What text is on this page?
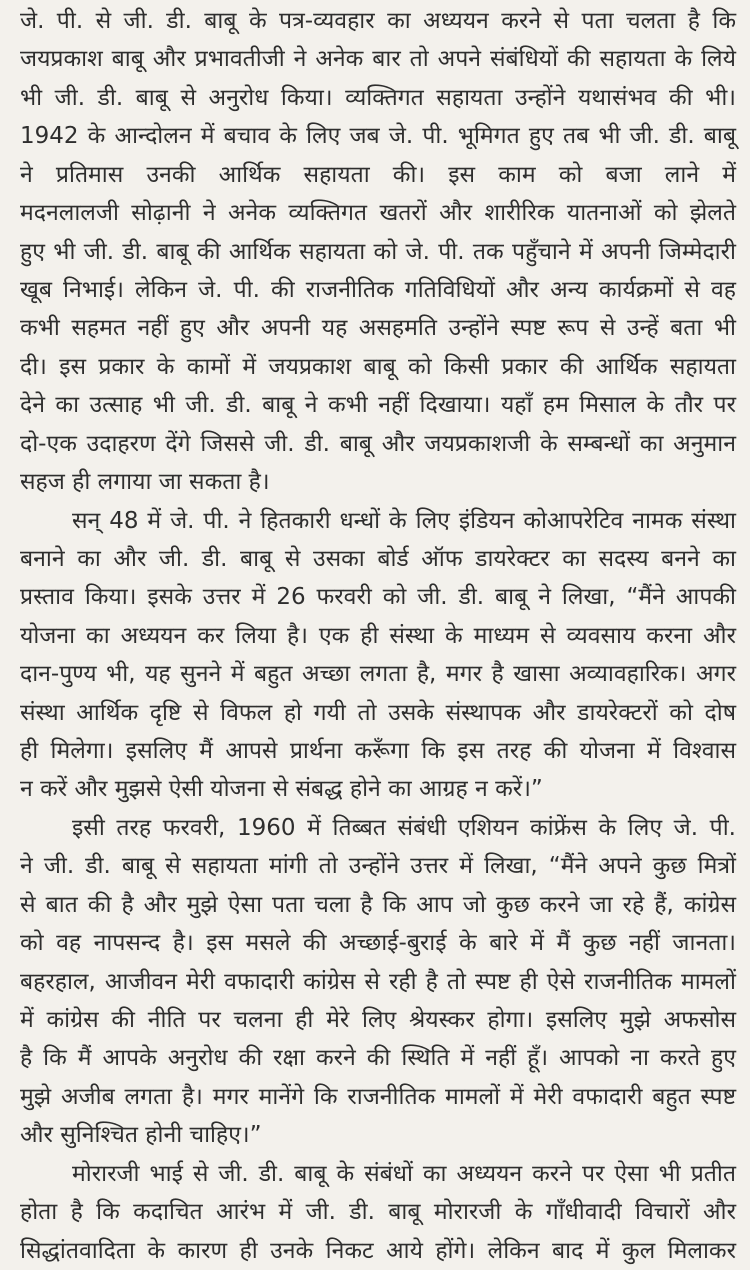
जे. पी. से जी. डी. बाबू के पत्र-व्यवहार का अध्ययन करने से पता चलता है कि
जयप्रकाश बाबू और प्रभावतीजी ने अनेक बार तो अपने संबंधियों की सहायता के लिये
भी जी. डी. बाबू से अनुरोध किया। व्यक्तिगत सहायता उन्होंने यथासंभव की भी।
1942 के आन्दोलन में बचाव के लिए जब जे. पी. भूमिगत हुए तब भी जी. डी. बाबू
ने प्रतिमास उनकी आर्थिक सहायता की। इस काम को बजा लाने में
मदनलालजी सोढ़ानी ने अनेक व्यक्तिगत खतरों और शारीरिक यातनाओं को झेलते
हुए भी जी. डी. बाबू की आर्थिक सहायता को जे. पी. तक पहुँचाने में अपनी जिम्मेदारी
खूब निभाई। लेकिन जे. पी. की राजनीतिक गतिविधियों और अन्य कार्यक्रमों से वह
कभी सहमत नहीं हुए और अपनी यह असहमति उन्होंने स्पष्ट रूप से उन्हें बता भी
दी। इस प्रकार के कामों में जयप्रकाश बाबू को किसी प्रकार की आर्थिक सहायता
देने का उत्साह भी जी. डी. बाबू ने कभी नहीं दिखाया। यहाँ हम मिसाल के तौर पर
दो-एक उदाहरण देंगे जिससे जी. डी. बाबू और जयप्रकाशजी के सम्बन्धों का अनुमान
सहज ही लगाया जा सकता है।
सन् 48 में जे. पी. ने हितकारी धन्धों के लिए इंडियन कोआपरेटिव नामक संस्था
बनाने का और जी. डी. बाबू से उसका बोर्ड ऑफ डायरेक्टर का सदस्य बनने का
प्रस्ताव किया। इसके उत्तर में 26 फरवरी को जी. डी. बाबू ने लिखा, “मैंने आपकी
योजना का अध्ययन कर लिया है। एक ही संस्था के माध्यम से व्यवसाय करना और
दान-पुण्य भी, यह सुनने में बहुत अच्छा लगता है, मगर है खासा अव्यावहारिक। अगर
संस्था आर्थिक दृष्टि से विफल हो गयी तो उसके संस्थापक और डायरेक्टरों को दोष
ही मिलेगा। इसलिए मैं आपसे प्रार्थना करूँगा कि इस तरह की योजना में विश्वास
न करें और मुझसे ऐसी योजना से संबद्ध होने का आग्रह न करें।”
इसी तरह फरवरी, 1960 में तिब्बत संबंधी एशियन कांफ्रेंस के लिए जे. पी.
ने जी. डी. बाबू से सहायता मांगी तो उन्होंने उत्तर में लिखा, “मैंने अपने कुछ मित्रों
से बात की है और मुझे ऐसा पता चला है कि आप जो कुछ करने जा रहे हैं, कांग्रेस
को वह नापसन्द है। इस मसले की अच्छाई-बुराई के बारे में मैं कुछ नहीं जानता।
बहरहाल, आजीवन मेरी वफादारी कांग्रेस से रही है तो स्पष्ट ही ऐसे राजनीतिक मामलों
में कांग्रेस की नीति पर चलना ही मेरे लिए श्रेयस्कर होगा। इसलिए मुझे अफसोस
है कि मैं आपके अनुरोध की रक्षा करने की स्थिति में नहीं हूँ। आपको ना करते हुए
मुझे अजीब लगता है। मगर मानेंगे कि राजनीतिक मामलों में मेरी वफादारी बहुत स्पष्ट
और सुनिश्चित होनी चाहिए।”
मोरारजी भाई से जी. डी. बाबू के संबंधों का अध्ययन करने पर ऐसा भी प्रतीत
होता है कि कदाचित आरंभ में जी. डी. बाबू मोरारजी के गाँधीवादी विचारों और
सिद्धांतवादिता के कारण ही उनके निकट आये होंगे। लेकिन बाद में कुल मिलाकर
